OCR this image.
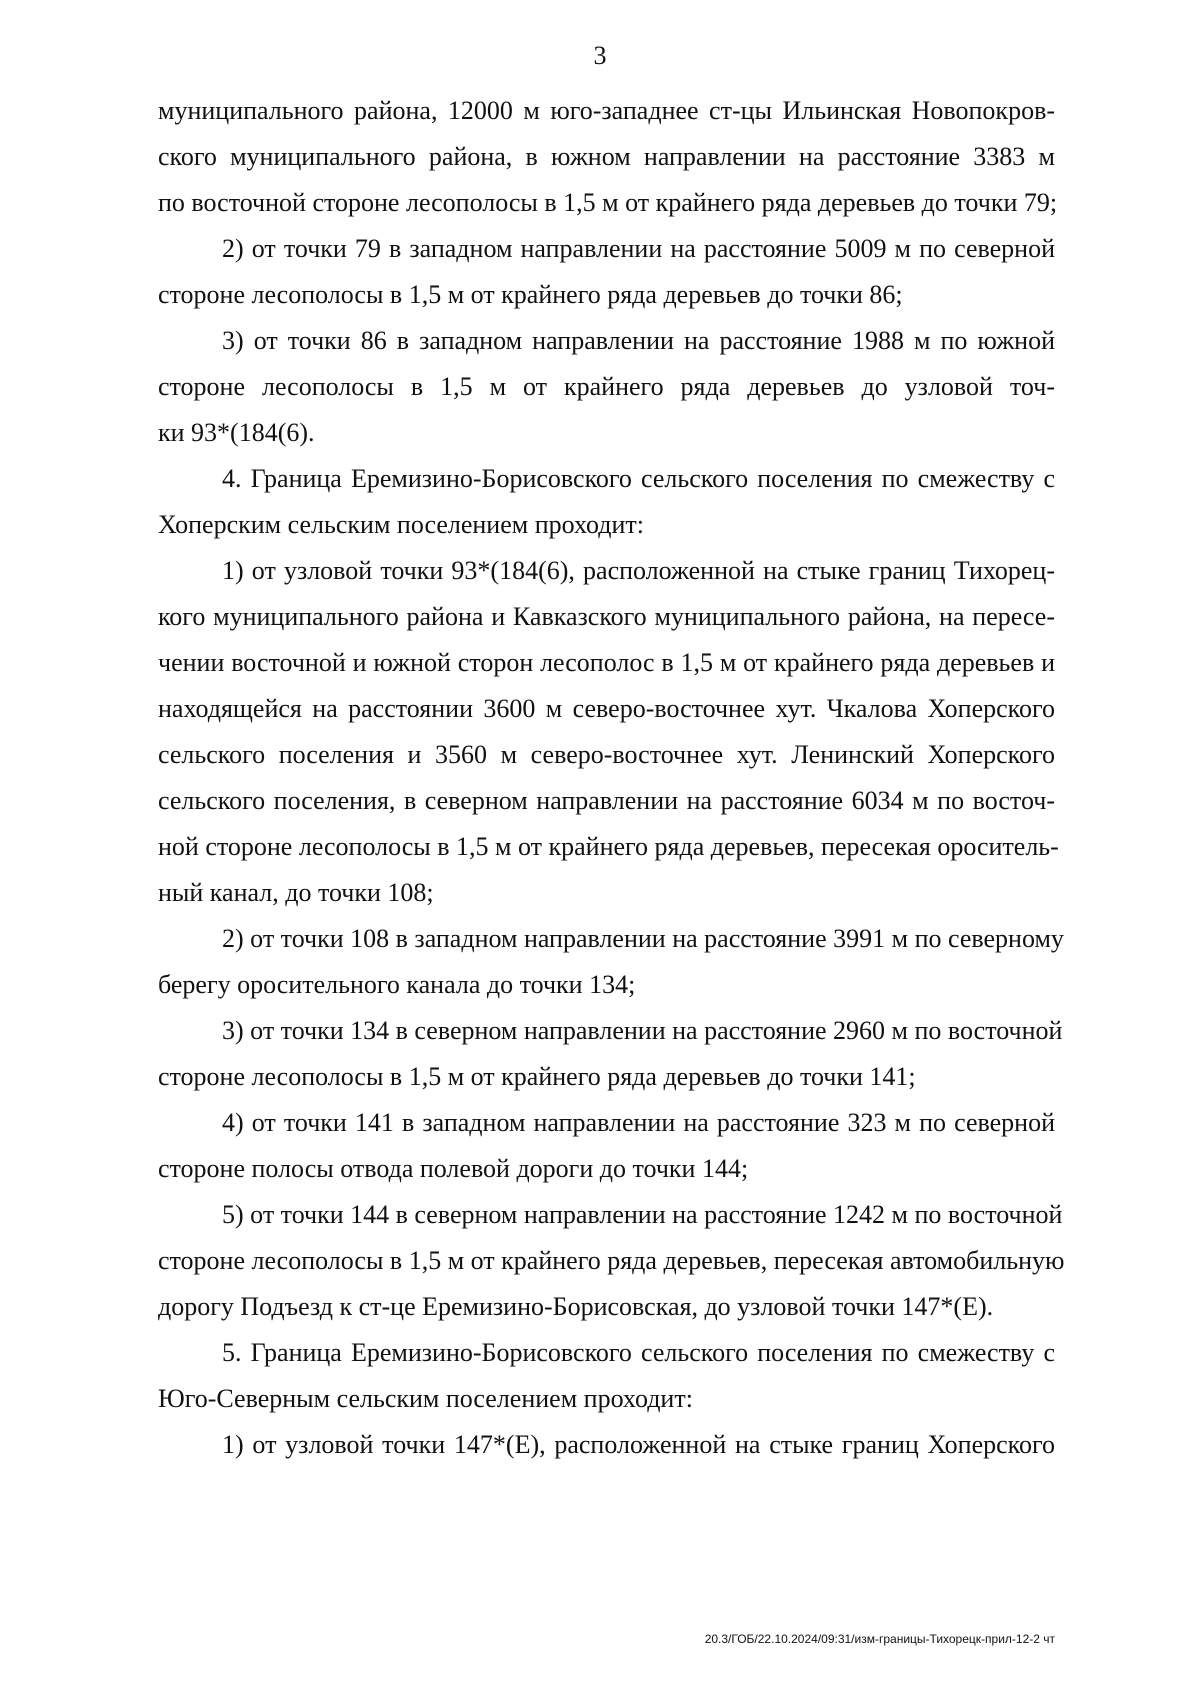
3
муниципального района, 12000 м юго-западнее ст-цы Ильинская Новопокров-
ского муниципального района, в южном направлении на расстояние 3383 м
по восточной стороне лесополосы в 1,5 м от крайнего ряда деревьев до точки 79;
2) от точки 79 в западном направлении на расстояние 5009 м по северной
стороне лесополосы в 1,5 м от крайнего ряда деревьев до точки 86;
3) от точки 86 в западном направлении на расстояние 1988 м по южной
стороне лесополосы в 1,5 м от крайнего ряда деревьев до узловой точ-
ки 93*(184(6).
4. Граница Еремизино-Борисовского сельского поселения по смежеству с
Хоперским сельским поселением проходит:
1) от узловой точки 93*(184(6), расположенной на стыке границ Тихорец-
кого муниципального района и Кавказского муниципального района, на пересе-
чении восточной и южной сторон лесополос в 1,5 м от крайнего ряда деревьев и
находящейся на расстоянии 3600 м северо-восточнее хут. Чкалова Хоперского
сельского поселения и 3560 м северо-восточнее хут. Ленинский Хоперского
сельского поселения, в северном направлении на расстояние 6034 м по восточ-
ной стороне лесополосы в 1,5 м от крайнего ряда деревьев, пересекая ороситель-
ный канал, до точки 108;
2) от точки 108 в западном направлении на расстояние 3991 м по северному
берегу оросительного канала до точки 134;
3) от точки 134 в северном направлении на расстояние 2960 м по восточной
стороне лесополосы в 1,5 м от крайнего ряда деревьев до точки 141;
4) от точки 141 в западном направлении на расстояние 323 м по северной
стороне полосы отвода полевой дороги до точки 144;
5) от точки 144 в северном направлении на расстояние 1242 м по восточной
стороне лесополосы в 1,5 м от крайнего ряда деревьев, пересекая автомобильную
дорогу Подъезд к ст-це Еремизино-Борисовская, до узловой точки 147*(Е).
5. Граница Еремизино-Борисовского сельского поселения по смежеству с
Юго-Северным сельским поселением проходит:
1) от узловой точки 147*(Е), расположенной на стыке границ Хоперского
20.3/ГОБ/22.10.2024/09:31/изм-границы-Тихорецк-прил-12-2 чт
